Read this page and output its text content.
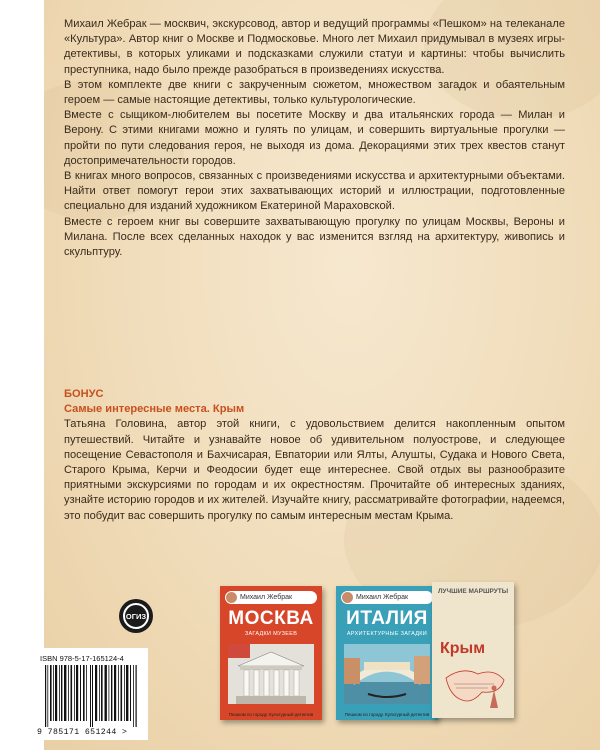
Михаил Жебрак — москвич, экскурсовод, автор и ведущий программы «Пешком» на телеканале «Культура». Автор книг о Москве и Подмосковье. Много лет Михаил придумывал в музеях игры-детективы, в которых уликами и подсказками служили статуи и картины: чтобы вычислить преступника, надо было прежде разобраться в произведениях искусства.

В этом комплекте две книги с закрученным сюжетом, множеством загадок и обаятельным героем — самые настоящие детективы, только культурологические.

Вместе с сыщиком-любителем вы посетите Москву и два итальянских города — Милан и Верону. С этими книгами можно и гулять по улицам, и совершить виртуальные прогулки — пройти по пути следования героя, не выходя из дома. Декорациями этих трех квестов станут достопримечательности городов.

В книгах много вопросов, связанных с произведениями искусства и архитектурными объектами. Найти ответ помогут герои этих захватывающих историй и иллюстрации, подготовленные специально для изданий художником Екатериной Мараховской.

Вместе с героем книг вы совершите захватывающую прогулку по улицам Москвы, Вероны и Милана. После всех сделанных находок у вас изменится взгляд на архитектуру, живопись и скульптуру.

БОНУС
Самые интересные места. Крым

Татьяна Головина, автор этой книги, с удовольствием делится накопленным опытом путешествий. Читайте и узнавайте новое об удивительном полуострове, и следующее посещение Севастополя и Бахчисарая, Евпатории или Ялты, Алушты, Судака и Нового Света, Старого Крыма, Керчи и Феодосии будет еще интереснее. Свой отдых вы разнообразите приятными экскурсиями по городам и их окрестностям. Прочитайте об интересных зданиях, узнайте историю городов и их жителей. Изучайте книгу, рассматривайте фотографии, надеемся, это побудит вас совершить прогулку по самым интересным местам Крыма.

ОГИЗ
Михаил Жебрак
МОСКВА
ЗАГАДКИ МУЗЕЕВ
Пешком по городу. Культурный детектив
Михаил Жебрак
ИТАЛИЯ
АРХИТЕКТУРНЫЕ ЗАГАДКИ
Пешком по городу. Культурный детектив
ЛУЧШИЕ МАРШРУТЫ
Крым
ISBN 978-5-17-165124-4
9 785171 651244 >
